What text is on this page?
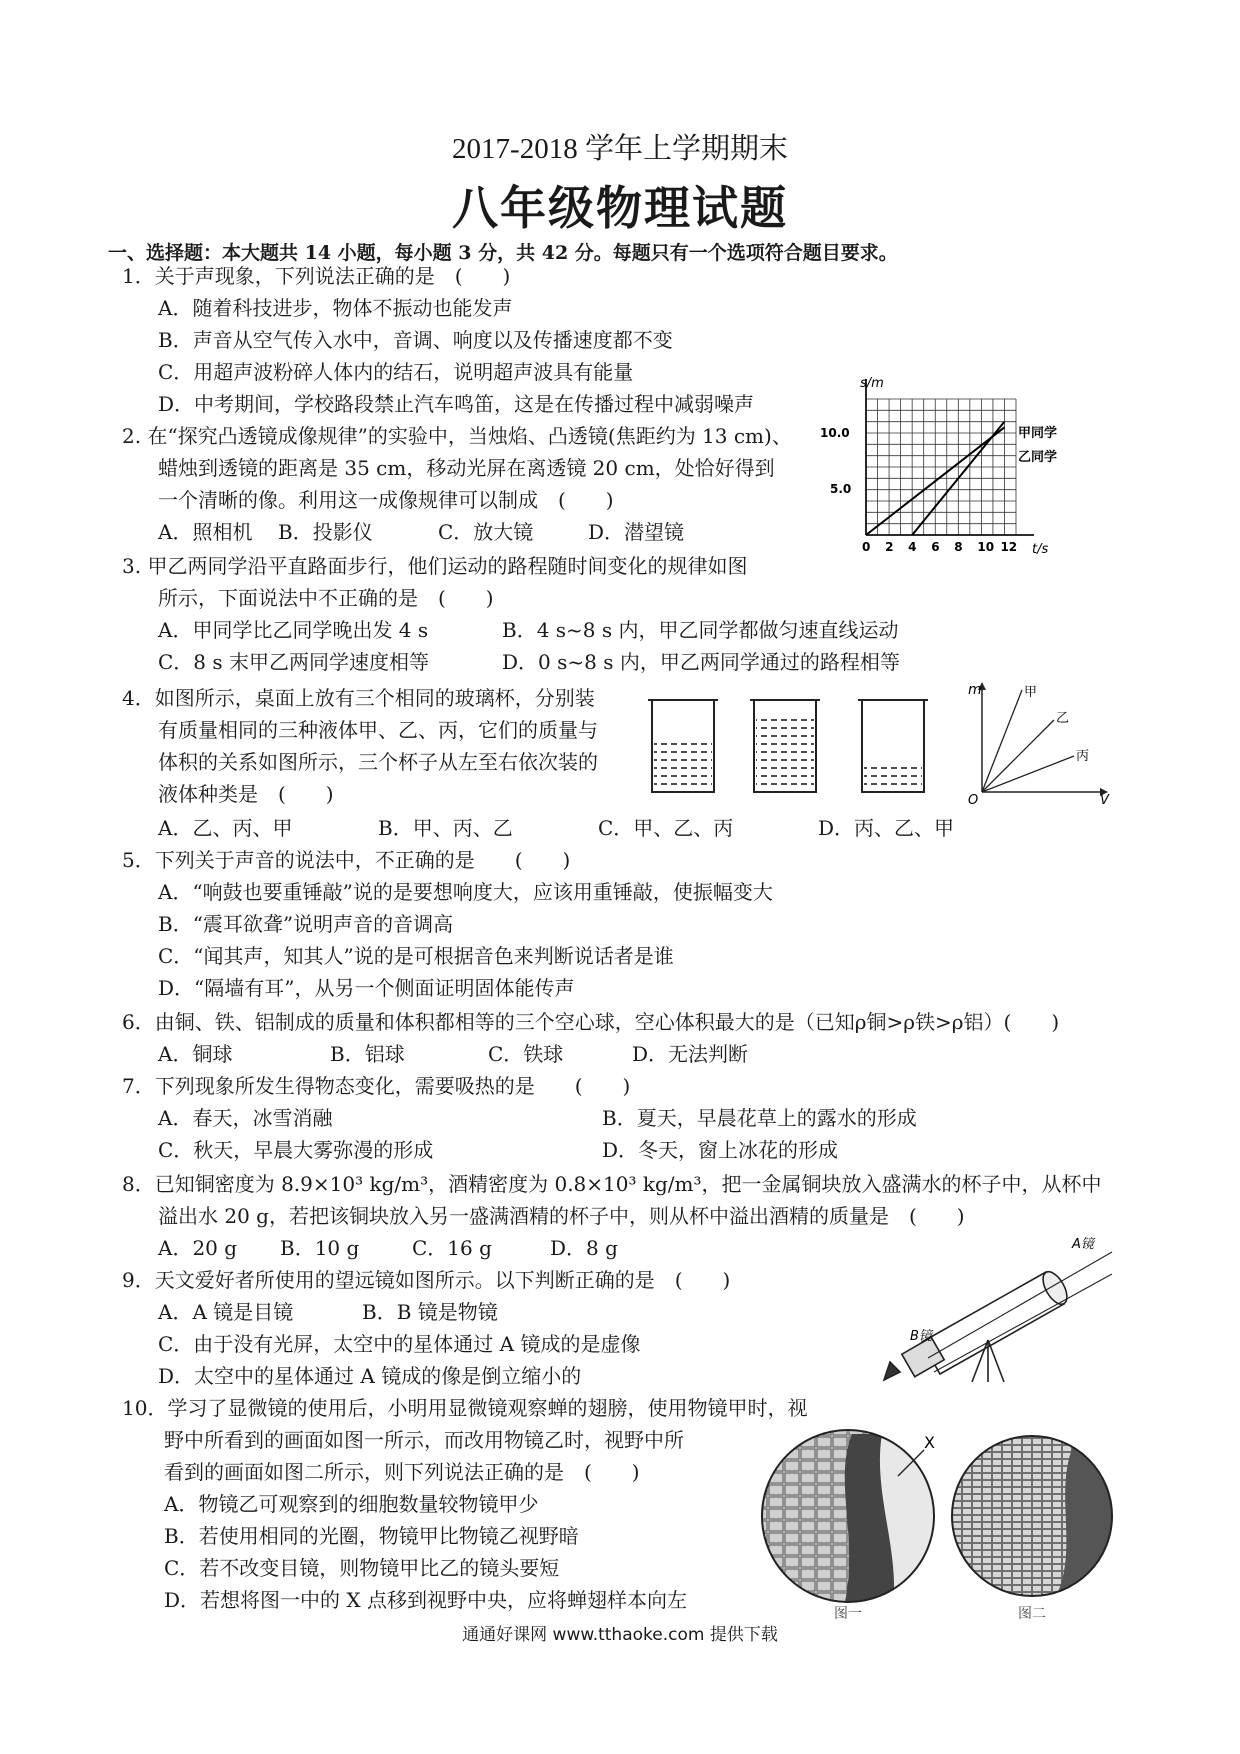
2017-2018 学年上学期期末
八年级物理试题
一、选择题：本大题共 14 小题，每小题 3 分，共 42 分。每题只有一个选项符合题目要求。
1．关于声现象，下列说法正确的是　(　　)
A．随着科技进步，物体不振动也能发声
B．声音从空气传入水中，音调、响度以及传播速度都不变
C．用超声波粉碎人体内的结石，说明超声波具有能量
D．中考期间，学校路段禁止汽车鸣笛，这是在传播过程中减弱噪声
2. 在“探究凸透镜成像规律”的实验中，当烛焰、凸透镜(焦距约为 13 cm)、
蜡烛到透镜的距离是 35 cm，移动光屏在离透镜 20 cm，处恰好得到
一个清晰的像。利用这一成像规律可以制成　(　　)
A．照相机 B．投影仪	C．放大镜	D．潜望镜
3. 甲乙两同学沿平直路面步行，他们运动的路程随时间变化的规律如图
所示，下面说法中不正确的是　(　　)
A．甲同学比乙同学晚出发 4 s	B．4 s~8 s 内，甲乙同学都做匀速直线运动
C．8 s 末甲乙两同学速度相等	D．0 s~8 s 内，甲乙两同学通过的路程相等
4．如图所示，桌面上放有三个相同的玻璃杯，分别装
有质量相同的三种液体甲、乙、丙，它们的质量与
体积的关系如图所示，三个杯子从左至右依次装的
液体种类是　(　　)
A．乙、丙、甲	B．甲、丙、乙	C．甲、乙、丙	D．丙、乙、甲
5．下列关于声音的说法中，不正确的是　　(　　)
A．“响鼓也要重锤敲”说的是要想响度大，应该用重锤敲，使振幅变大
B．“震耳欲聋”说明声音的音调高
C．“闻其声，知其人”说的是可根据音色来判断说话者是谁
D．“隔墙有耳”，从另一个侧面证明固体能传声
6．由铜、铁、铝制成的质量和体积都相等的三个空心球，空心体积最大的是（已知ρ铜>ρ铁>ρ铝）(　　)
A．铜球	B．铝球	C．铁球	D．无法判断
7．下列现象所发生得物态变化，需要吸热的是　　(　　)
A．春天，冰雪消融	B．夏天，早晨花草上的露水的形成
C．秋天，早晨大雾弥漫的形成	D．冬天，窗上冰花的形成
8．已知铜密度为 8.9×10³ kg/m³，酒精密度为 0.8×10³ kg/m³，把一金属铜块放入盛满水的杯子中，从杯中
溢出水 20 g，若把该铜块放入另一盛满酒精的杯子中，则从杯中溢出酒精的质量是　(　　)
A．20 g B．10 g	C．16 g	D．8 g
9．天文爱好者所使用的望远镜如图所示。以下判断正确的是　(　　)
A．A 镜是目镜	B．B 镜是物镜
C．由于没有光屏，太空中的星体通过 A 镜成的是虚像
D．太空中的星体通过 A 镜成的像是倒立缩小的
10．学习了显微镜的使用后，小明用显微镜观察蝉的翅膀，使用物镜甲时，视
野中所看到的画面如图一所示，而改用物镜乙时，视野中所
看到的画面如图二所示，则下列说法正确的是　(　　)
A．物镜乙可观察到的细胞数量较物镜甲少
B．若使用相同的光圈，物镜甲比物镜乙视野暗
C．若不改变目镜，则物镜甲比乙的镜头要短
D．若想将图一中的 X 点移到视野中央，应将蝉翅样本向左
s/m
t/s
10.0
5.0
0 2 4 6 8 10 12
甲同学
乙同学
m
V
O
甲
乙
丙
A镜
B镜
X
图一	图二
通通好课网 www.tthaoke.com 提供下载
